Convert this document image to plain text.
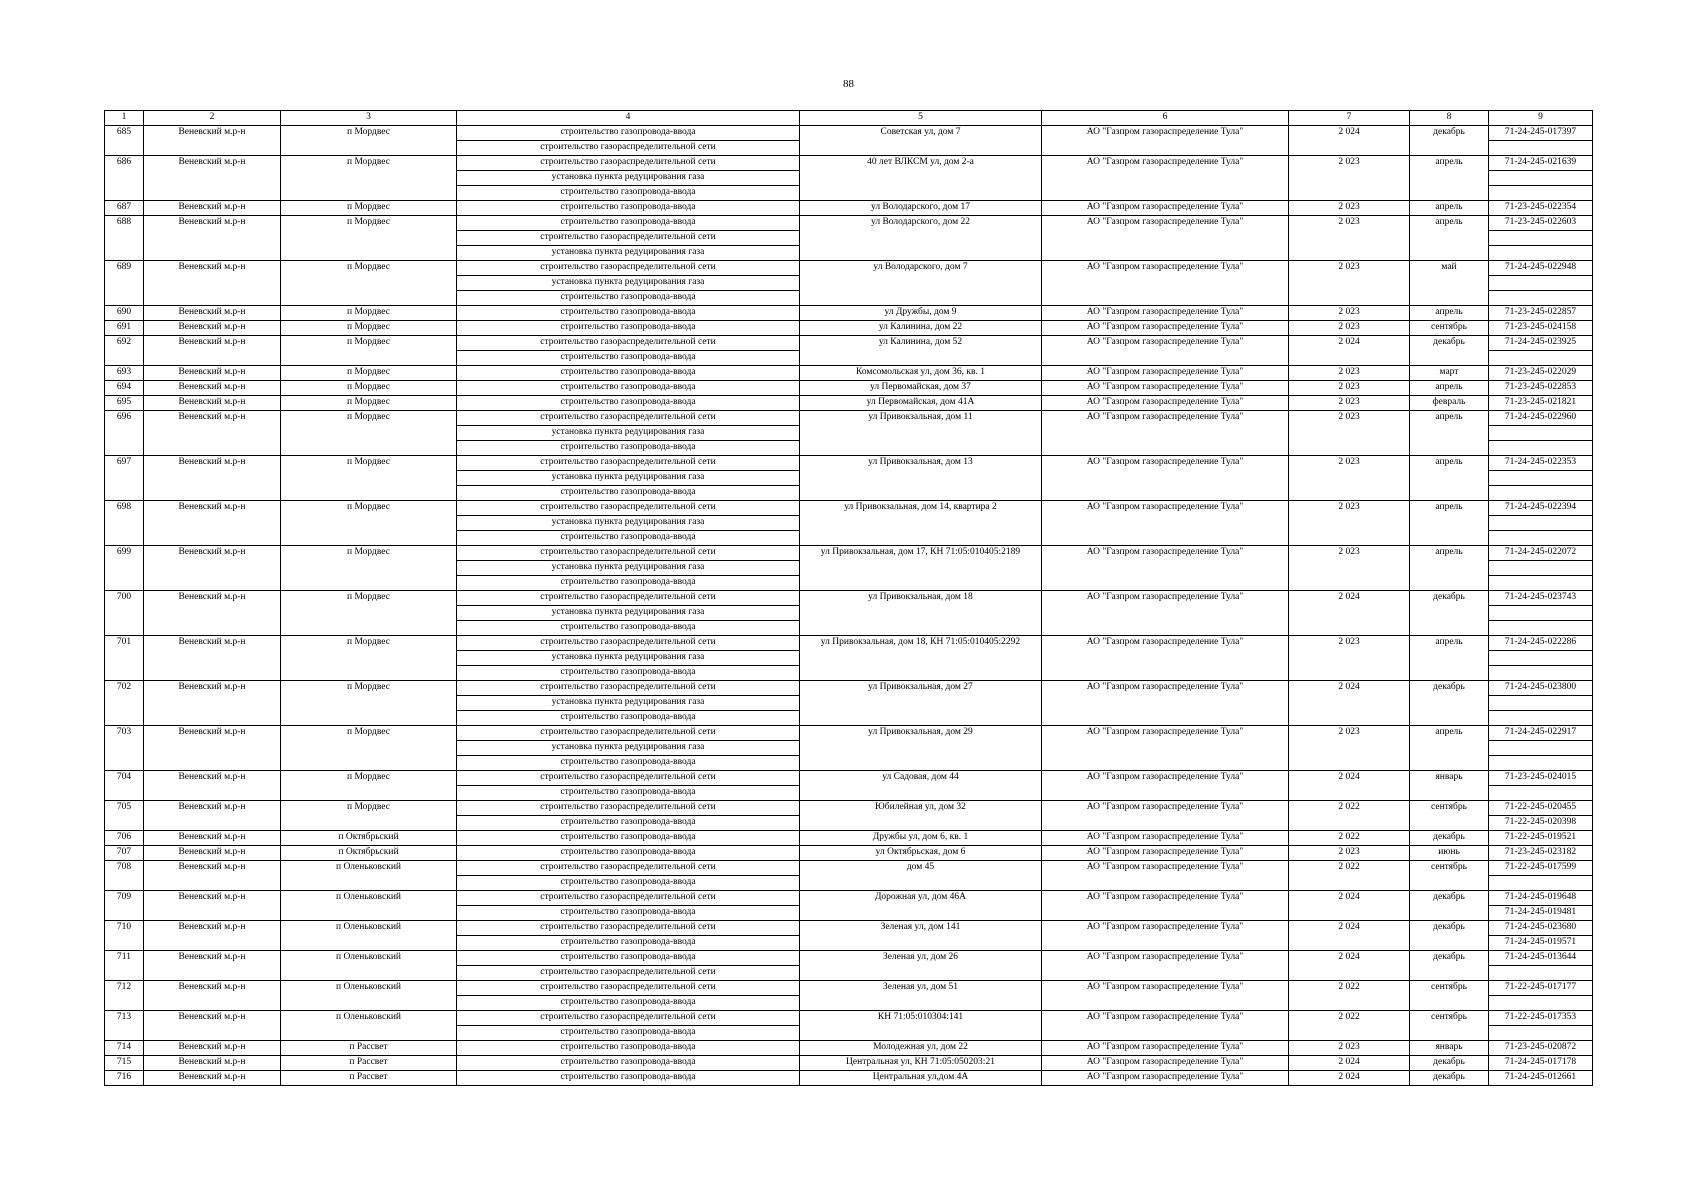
88
1	2	3	4	5	6	7	8	9
685	Веневский м.р-н	п Мордвес	строительство газопровода-ввода	Советская ул, дом 7	АО "Газпром газораспределение Тула"	2 024	декабрь	71-24-245-017397
			строительство газораспределительной сети					
686	Веневский м.р-н	п Мордвес	строительство газораспределительной сети	40 лет ВЛКСМ ул, дом 2-а	АО "Газпром газораспределение Тула"	2 023	апрель	71-24-245-021639
			установка пункта редуцирования газа					
			строительство газопровода-ввода					
687	Веневский м.р-н	п Мордвес	строительство газопровода-ввода	ул Володарского, дом 17	АО "Газпром газораспределение Тула"	2 023	апрель	71-23-245-022354
688	Веневский м.р-н	п Мордвес	строительство газопровода-ввода	ул Володарского, дом 22	АО "Газпром газораспределение Тула"	2 023	апрель	71-23-245-022603
			строительство газораспределительной сети					
			установка пункта редуцирования газа					
689	Веневский м.р-н	п Мордвес	строительство газораспределительной сети	ул Володарского, дом 7	АО "Газпром газораспределение Тула"	2 023	май	71-24-245-022948
			установка пункта редуцирования газа					
			строительство газопровода-ввода					
690	Веневский м.р-н	п Мордвес	строительство газопровода-ввода	ул Дружбы, дом 9	АО "Газпром газораспределение Тула"	2 023	апрель	71-23-245-022857
691	Веневский м.р-н	п Мордвес	строительство газопровода-ввода	ул Калинина, дом 22	АО "Газпром газораспределение Тула"	2 023	сентябрь	71-23-245-024158
692	Веневский м.р-н	п Мордвес	строительство газораспределительной сети	ул Калинина, дом 52	АО "Газпром газораспределение Тула"	2 024	декабрь	71-24-245-023925
			строительство газопровода-ввода					
693	Веневский м.р-н	п Мордвес	строительство газопровода-ввода	Комсомольская ул, дом 36, кв. 1	АО "Газпром газораспределение Тула"	2 023	март	71-23-245-022029
694	Веневский м.р-н	п Мордвес	строительство газопровода-ввода	ул Первомайская, дом 37	АО "Газпром газораспределение Тула"	2 023	апрель	71-23-245-022853
695	Веневский м.р-н	п Мордвес	строительство газопровода-ввода	ул Первомайская, дом 41А	АО "Газпром газораспределение Тула"	2 023	февраль	71-23-245-021821
696	Веневский м.р-н	п Мордвес	строительство газораспределительной сети	ул Привокзальная, дом 11	АО "Газпром газораспределение Тула"	2 023	апрель	71-24-245-022960
			установка пункта редуцирования газа					
			строительство газопровода-ввода					
697	Веневский м.р-н	п Мордвес	строительство газораспределительной сети	ул Привокзальная, дом 13	АО "Газпром газораспределение Тула"	2 023	апрель	71-24-245-022353
			установка пункта редуцирования газа					
			строительство газопровода-ввода					
698	Веневский м.р-н	п Мордвес	строительство газораспределительной сети	ул Привокзальная, дом 14, квартира 2	АО "Газпром газораспределение Тула"	2 023	апрель	71-24-245-022394
			установка пункта редуцирования газа					
			строительство газопровода-ввода					
699	Веневский м.р-н	п Мордвес	строительство газораспределительной сети	ул Привокзальная, дом 17, КН 71:05:010405:2189	АО "Газпром газораспределение Тула"	2 023	апрель	71-24-245-022072
			установка пункта редуцирования газа					
			строительство газопровода-ввода					
700	Веневский м.р-н	п Мордвес	строительство газораспределительной сети	ул Привокзальная, дом 18	АО "Газпром газораспределение Тула"	2 024	декабрь	71-24-245-023743
			установка пункта редуцирования газа					
			строительство газопровода-ввода					
701	Веневский м.р-н	п Мордвес	строительство газораспределительной сети	ул Привокзальная, дом 18, КН 71:05:010405:2292	АО "Газпром газораспределение Тула"	2 023	апрель	71-24-245-022286
			установка пункта редуцирования газа					
			строительство газопровода-ввода					
702	Веневский м.р-н	п Мордвес	строительство газораспределительной сети	ул Привокзальная, дом 27	АО "Газпром газораспределение Тула"	2 024	декабрь	71-24-245-023800
			установка пункта редуцирования газа					
			строительство газопровода-ввода					
703	Веневский м.р-н	п Мордвес	строительство газораспределительной сети	ул Привокзальная, дом 29	АО "Газпром газораспределение Тула"	2 023	апрель	71-24-245-022917
			установка пункта редуцирования газа					
			строительство газопровода-ввода					
704	Веневский м.р-н	п Мордвес	строительство газораспределительной сети	ул Садовая, дом 44	АО "Газпром газораспределение Тула"	2 024	январь	71-23-245-024015
			строительство газопровода-ввода					
705	Веневский м.р-н	п Мордвес	строительство газораспределительной сети	Юбилейная ул, дом 32	АО "Газпром газораспределение Тула"	2 022	сентябрь	71-22-245-020455
			строительство газопровода-ввода					71-22-245-020398
706	Веневский м.р-н	п Октябрьский	строительство газопровода-ввода	Дружбы ул, дом 6, кв. 1	АО "Газпром газораспределение Тула"	2 022	декабрь	71-22-245-019521
707	Веневский м.р-н	п Октябрьский	строительство газопровода-ввода	ул Октябрьская, дом 6	АО "Газпром газораспределение Тула"	2 023	июнь	71-23-245-023182
708	Веневский м.р-н	п Оленьковский	строительство газораспределительной сети	дом 45	АО "Газпром газораспределение Тула"	2 022	сентябрь	71-22-245-017599
			строительство газопровода-ввода					
709	Веневский м.р-н	п Оленьковский	строительство газораспределительной сети	Дорожная ул, дом 46А	АО "Газпром газораспределение Тула"	2 024	декабрь	71-24-245-019648
			строительство газопровода-ввода					71-24-245-019481
710	Веневский м.р-н	п Оленьковский	строительство газораспределительной сети	Зеленая ул, дом 141	АО "Газпром газораспределение Тула"	2 024	декабрь	71-24-245-023680
			строительство газопровода-ввода					71-24-245-019571
711	Веневский м.р-н	п Оленьковский	строительство газопровода-ввода	Зеленая ул, дом 26	АО "Газпром газораспределение Тула"	2 024	декабрь	71-24-245-013644
			строительство газораспределительной сети					
712	Веневский м.р-н	п Оленьковский	строительство газораспределительной сети	Зеленая ул, дом 51	АО "Газпром газораспределение Тула"	2 022	сентябрь	71-22-245-017177
			строительство газопровода-ввода					
713	Веневский м.р-н	п Оленьковский	строительство газораспределительной сети	КН 71:05:010304:141	АО "Газпром газораспределение Тула"	2 022	сентябрь	71-22-245-017353
			строительство газопровода-ввода					
714	Веневский м.р-н	п Рассвет	строительство газопровода-ввода	Молодежная ул, дом 22	АО "Газпром газораспределение Тула"	2 023	январь	71-23-245-020872
715	Веневский м.р-н	п Рассвет	строительство газопровода-ввода	Центральная ул, КН 71:05:050203:21	АО "Газпром газораспределение Тула"	2 024	декабрь	71-24-245-017178
716	Веневский м.р-н	п Рассвет	строительство газопровода-ввода	Центральная ул,дом 4А	АО "Газпром газораспределение Тула"	2 024	декабрь	71-24-245-012661
